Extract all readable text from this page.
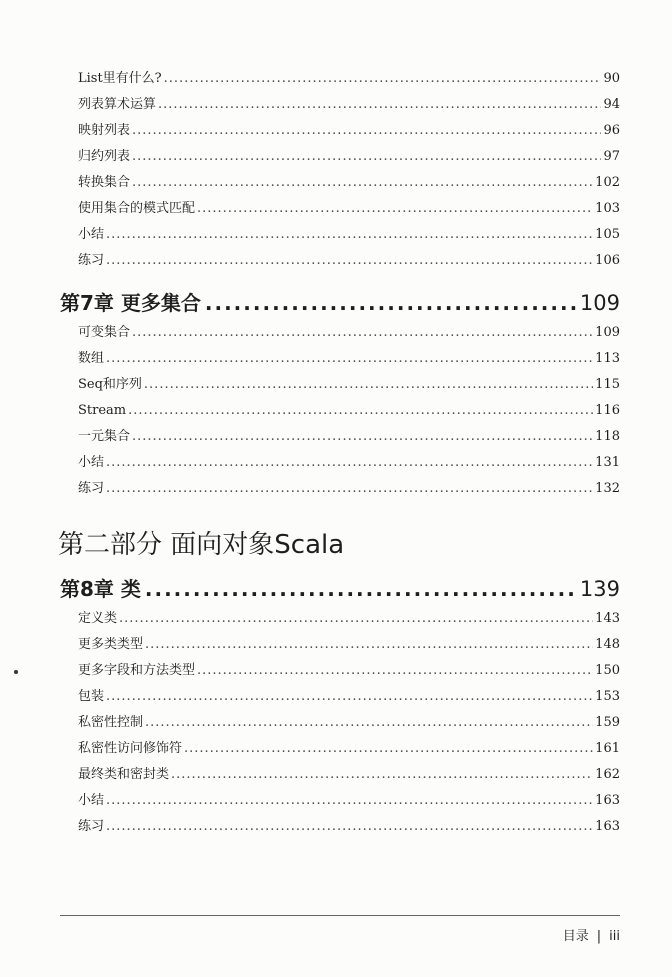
List里有什么? .....	90
列表算术运算 .....	94
映射列表 .....	96
归约列表 .....	97
转换集合 .....	102
使用集合的模式匹配 .....	103
小结 .....	105
练习 .....	106
第7章 更多集合 .....	109
可变集合 .....	109
数组 .....	113
Seq和序列 .....	115
Stream .....	116
一元集合 .....	118
小结 .....	131
练习 .....	132
第二部分 面向对象Scala
第8章 类 .....	139
定义类 .....	143
更多类类型 .....	148
更多字段和方法类型 .....	150
包装 .....	153
私密性控制 .....	159
私密性访问修饰符 .....	161
最终类和密封类 .....	162
小结 .....	163
练习 .....	163
目录 | iii
